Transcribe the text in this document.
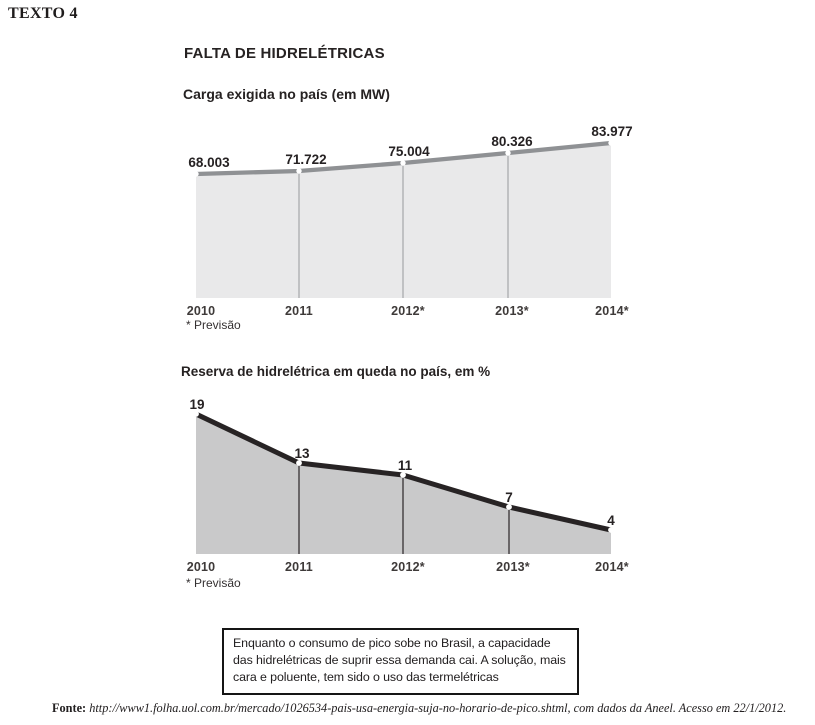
TEXTO 4
FALTA DE HIDRELÉTRICAS
Carga exigida no país (em MW)
68.003
2010
71.722
2011
75.004
2012*
80.326
2013*
83.977
2014*
* Previsão
Reserva de hidrelétrica em queda no país, em %
19
2010
13
2011
11
2012*
7
2013*
4
2014*
* Previsão
Enquanto o consumo de pico sobe no Brasil, a capacidade das hidrelétricas de suprir essa demanda cai. A solução, mais cara e poluente, tem sido o uso das termelétricas
Fonte: http://www1.folha.uol.com.br/mercado/1026534-pais-usa-energia-suja-no-horario-de-pico.shtml, com dados da Aneel. Acesso em 22/1/2012.
